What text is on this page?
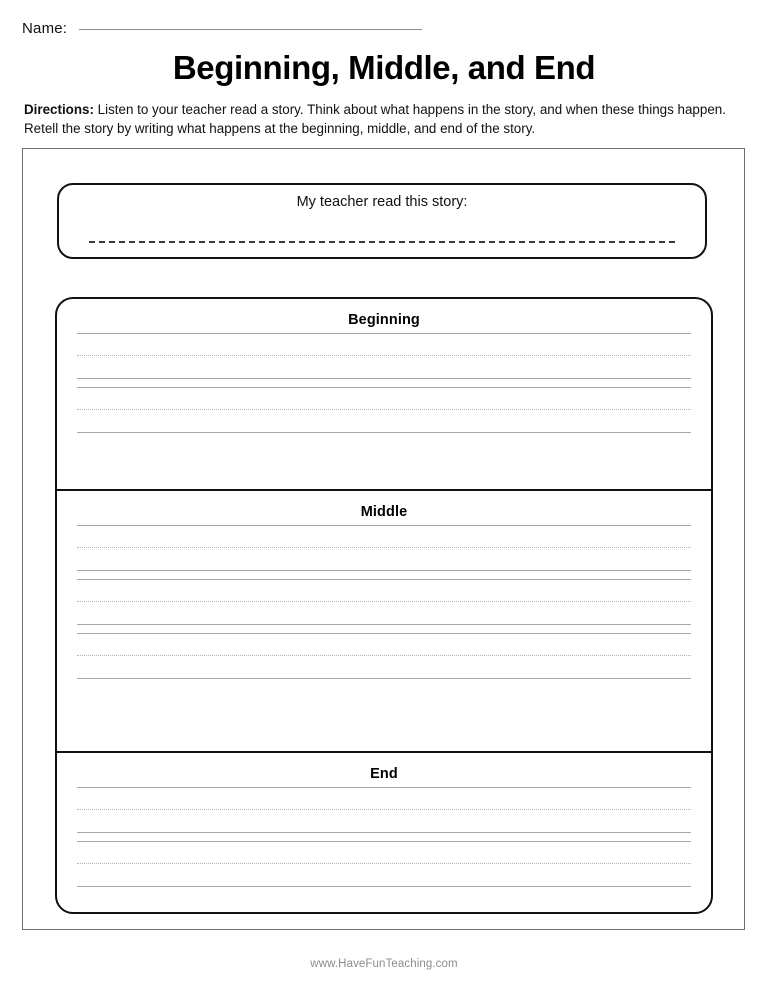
Name:
Beginning, Middle, and End
Directions: Listen to your teacher read a story. Think about what happens in the story, and when these things happen. Retell the story by writing what happens at the beginning, middle, and end of the story.
My teacher read this story:
Beginning
Middle
End
www.HaveFunTeaching.com
